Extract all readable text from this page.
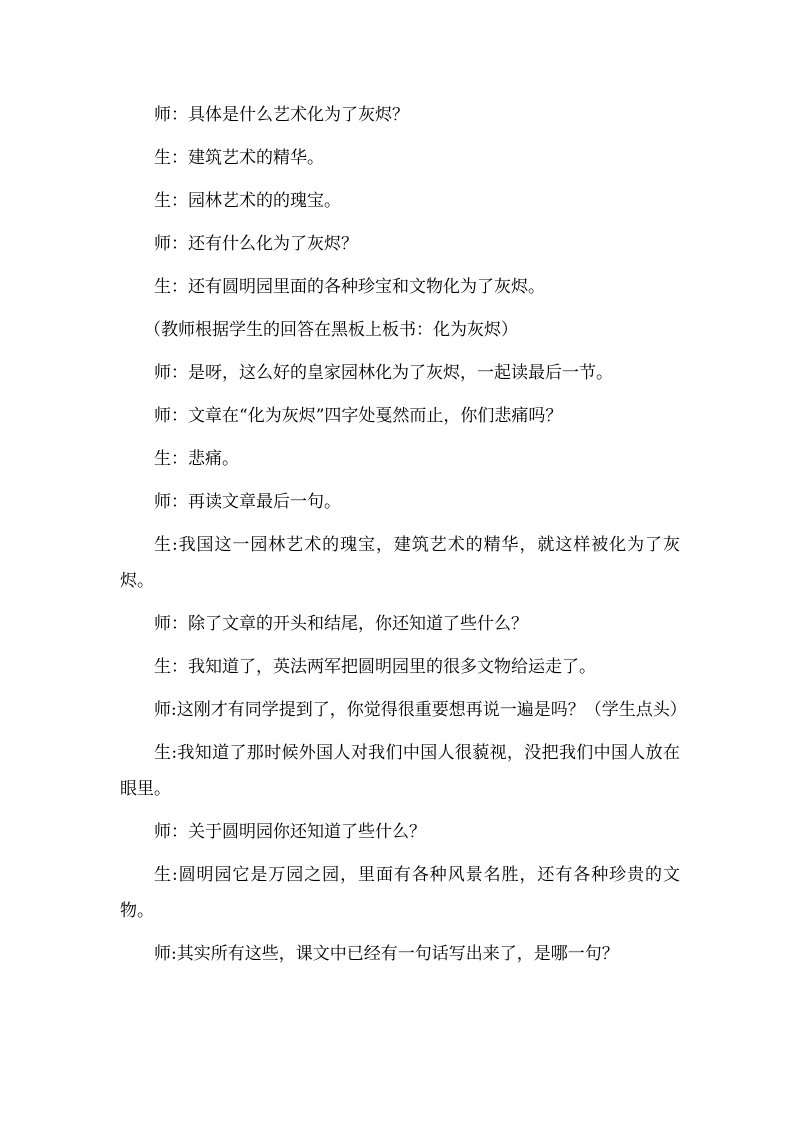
师：具体是什么艺术化为了灰烬？

生：建筑艺术的精华。

生：园林艺术的的瑰宝。

师：还有什么化为了灰烬？

生：还有圆明园里面的各种珍宝和文物化为了灰烬。

（教师根据学生的回答在黑板上板书：化为灰烬）

师：是呀，这么好的皇家园林化为了灰烬，一起读最后一节。

师：文章在“化为灰烬”四字处戛然而止，你们悲痛吗？

生：悲痛。

师：再读文章最后一句。

生:我国这一园林艺术的瑰宝，建筑艺术的精华，就这样被化为了灰烬。

师：除了文章的开头和结尾，你还知道了些什么？

生：我知道了，英法两军把圆明园里的很多文物给运走了。

师:这刚才有同学提到了，你觉得很重要想再说一遍是吗？（学生点头）

生:我知道了那时候外国人对我们中国人很藐视，没把我们中国人放在眼里。

师：关于圆明园你还知道了些什么？

生:圆明园它是万园之园，里面有各种风景名胜，还有各种珍贵的文物。

师:其实所有这些，课文中已经有一句话写出来了，是哪一句？
